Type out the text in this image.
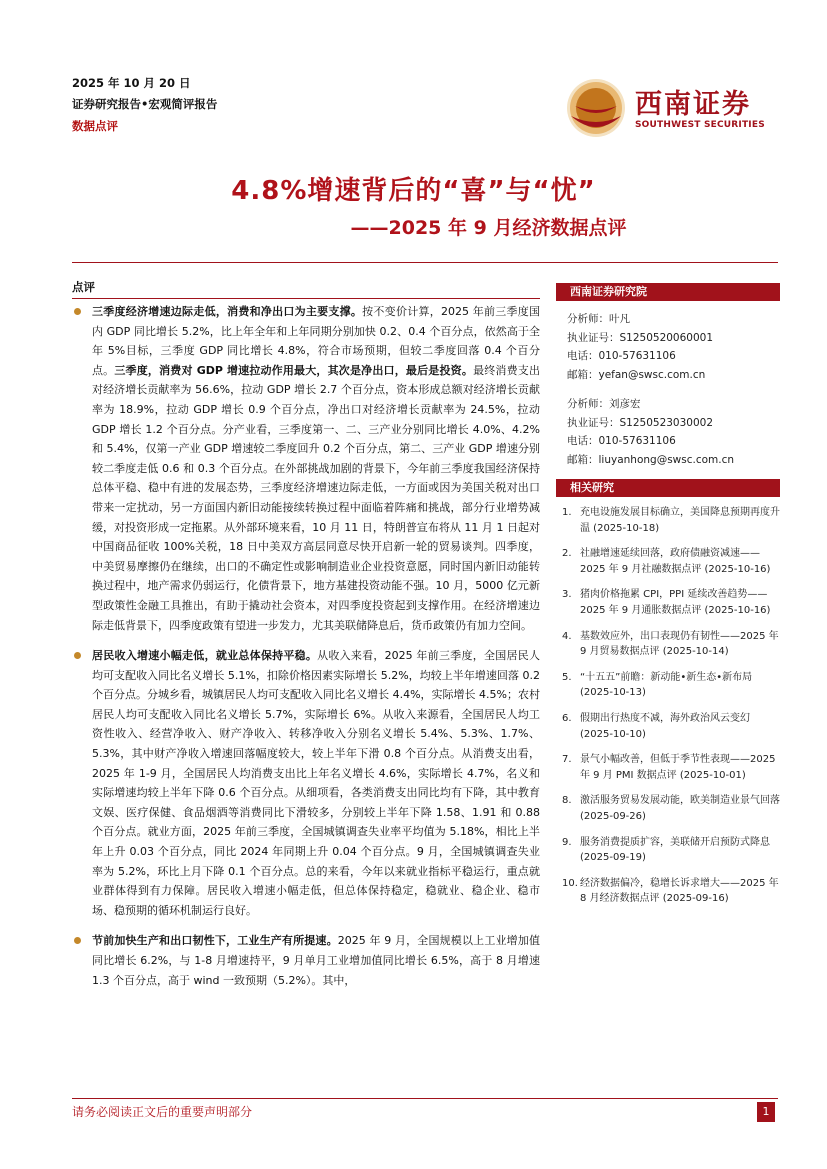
2025 年 10 月 20 日
证券研究报告•宏观简评报告
数据点评
西南证券
SOUTHWEST SECURITIES
4.8%增速背后的“喜”与“忧”
——2025 年 9 月经济数据点评
点评
三季度经济增速边际走低，消费和净出口为主要支撑。按不变价计算，2025 年前三季度国内 GDP 同比增长 5.2%，比上年全年和上年同期分别加快 0.2、0.4 个百分点，依然高于全年 5%目标，三季度 GDP 同比增长 4.8%，符合市场预期，但较二季度回落 0.4 个百分点。三季度，消费对 GDP 增速拉动作用最大，其次是净出口，最后是投资。最终消费支出对经济增长贡献率为 56.6%，拉动 GDP 增长 2.7 个百分点，资本形成总额对经济增长贡献率为 18.9%，拉动 GDP 增长 0.9 个百分点，净出口对经济增长贡献率为 24.5%，拉动 GDP 增长 1.2 个百分点。分产业看，三季度第一、二、三产业分别同比增长 4.0%、4.2%和 5.4%，仅第一产业 GDP 增速较二季度回升 0.2 个百分点，第二、三产业 GDP 增速分别较二季度走低 0.6 和 0.3 个百分点。在外部挑战加剧的背景下，今年前三季度我国经济保持总体平稳、稳中有进的发展态势，三季度经济增速边际走低，一方面或因为美国关税对出口带来一定扰动，另一方面国内新旧动能接续转换过程中面临着阵痛和挑战，部分行业增势减缓，对投资形成一定拖累。从外部环境来看，10 月 11 日，特朗普宣布将从 11 月 1 日起对中国商品征收 100%关税，18 日中美双方高层同意尽快开启新一轮的贸易谈判。四季度，中美贸易摩擦仍在继续，出口的不确定性或影响制造业企业投资意愿，同时国内新旧动能转换过程中，地产需求仍弱运行，化债背景下，地方基建投资动能不强。10 月，5000 亿元新型政策性金融工具推出，有助于撬动社会资本，对四季度投资起到支撑作用。在经济增速边际走低背景下，四季度政策有望进一步发力，尤其美联储降息后，货币政策仍有加力空间。
居民收入增速小幅走低，就业总体保持平稳。从收入来看，2025 年前三季度，全国居民人均可支配收入同比名义增长 5.1%，扣除价格因素实际增长 5.2%，均较上半年增速回落 0.2 个百分点。分城乡看，城镇居民人均可支配收入同比名义增长 4.4%，实际增长 4.5%；农村居民人均可支配收入同比名义增长 5.7%，实际增长 6%。从收入来源看，全国居民人均工资性收入、经营净收入、财产净收入、转移净收入分别名义增长 5.4%、5.3%、1.7%、5.3%，其中财产净收入增速回落幅度较大，较上半年下滑 0.8 个百分点。从消费支出看，2025 年 1-9 月，全国居民人均消费支出比上年名义增长 4.6%，实际增长 4.7%，名义和实际增速均较上半年下降 0.6 个百分点。从细项看，各类消费支出同比均有下降，其中教育文娱、医疗保健、食品烟酒等消费同比下滑较多，分别较上半年下降 1.58、1.91 和 0.88 个百分点。就业方面，2025 年前三季度，全国城镇调查失业率平均值为 5.18%，相比上半年上升 0.03 个百分点，同比 2024 年同期上升 0.04 个百分点。9 月，全国城镇调查失业率为 5.2%，环比上月下降 0.1 个百分点。总的来看，今年以来就业指标平稳运行，重点就业群体得到有力保障。居民收入增速小幅走低，但总体保持稳定，稳就业、稳企业、稳市场、稳预期的循环机制运行良好。
节前加快生产和出口韧性下，工业生产有所提速。2025 年 9 月，全国规模以上工业增加值同比增长 6.2%，与 1-8 月增速持平，9 月单月工业增加值同比增长 6.5%，高于 8 月增速 1.3 个百分点，高于 wind 一致预期（5.2%）。其中，
西南证券研究院
分析师：叶凡
执业证号：S1250520060001
电话：010-57631106
邮箱：yefan@swsc.com.cn
分析师：刘彦宏
执业证号：S1250523030002
电话：010-57631106
邮箱：liuyanhong@swsc.com.cn
相关研究
1. 充电设施发展目标确立，美国降息预期再度升温 (2025-10-18)
2. 社融增速延续回落，政府债融资减速——2025 年 9 月社融数据点评 (2025-10-16)
3. 猪肉价格拖累 CPI，PPI 延续改善趋势——2025 年 9 月通胀数据点评 (2025-10-16)
4. 基数效应外，出口表现仍有韧性——2025 年 9 月贸易数据点评 (2025-10-14)
5. “十五五”前瞻：新动能•新生态•新布局 (2025-10-13)
6. 假期出行热度不减，海外政治风云变幻 (2025-10-10)
7. 景气小幅改善，但低于季节性表现——2025 年 9 月 PMI 数据点评 (2025-10-01)
8. 激活服务贸易发展动能，欧美制造业景气回落 (2025-09-26)
9. 服务消费提质扩容，美联储开启预防式降息 (2025-09-19)
10. 经济数据偏冷，稳增长诉求增大——2025 年 8 月经济数据点评 (2025-09-16)
请务必阅读正文后的重要声明部分	1
